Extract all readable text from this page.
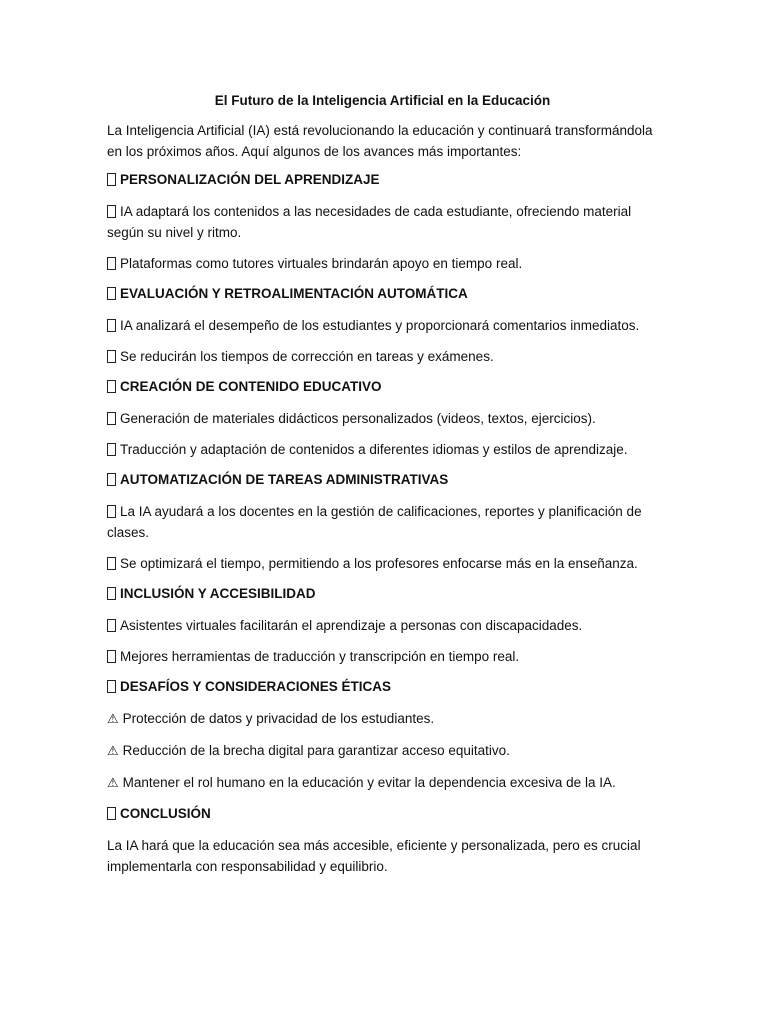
El Futuro de la Inteligencia Artificial en la Educación
La Inteligencia Artificial (IA) está revolucionando la educación y continuará transformándola en los próximos años. Aquí algunos de los avances más importantes:
PERSONALIZACIÓN DEL APRENDIZAJE
IA adaptará los contenidos a las necesidades de cada estudiante, ofreciendo material según su nivel y ritmo.
Plataformas como tutores virtuales brindarán apoyo en tiempo real.
EVALUACIÓN Y RETROALIMENTACIÓN AUTOMÁTICA
IA analizará el desempeño de los estudiantes y proporcionará comentarios inmediatos.
Se reducirán los tiempos de corrección en tareas y exámenes.
CREACIÓN DE CONTENIDO EDUCATIVO
Generación de materiales didácticos personalizados (videos, textos, ejercicios).
Traducción y adaptación de contenidos a diferentes idiomas y estilos de aprendizaje.
AUTOMATIZACIÓN DE TAREAS ADMINISTRATIVAS
La IA ayudará a los docentes en la gestión de calificaciones, reportes y planificación de clases.
Se optimizará el tiempo, permitiendo a los profesores enfocarse más en la enseñanza.
INCLUSIÓN Y ACCESIBILIDAD
Asistentes virtuales facilitarán el aprendizaje a personas con discapacidades.
Mejores herramientas de traducción y transcripción en tiempo real.
DESAFÍOS Y CONSIDERACIONES ÉTICAS
⚠ Protección de datos y privacidad de los estudiantes.
⚠ Reducción de la brecha digital para garantizar acceso equitativo.
⚠ Mantener el rol humano en la educación y evitar la dependencia excesiva de la IA.
CONCLUSIÓN
La IA hará que la educación sea más accesible, eficiente y personalizada, pero es crucial implementarla con responsabilidad y equilibrio.
